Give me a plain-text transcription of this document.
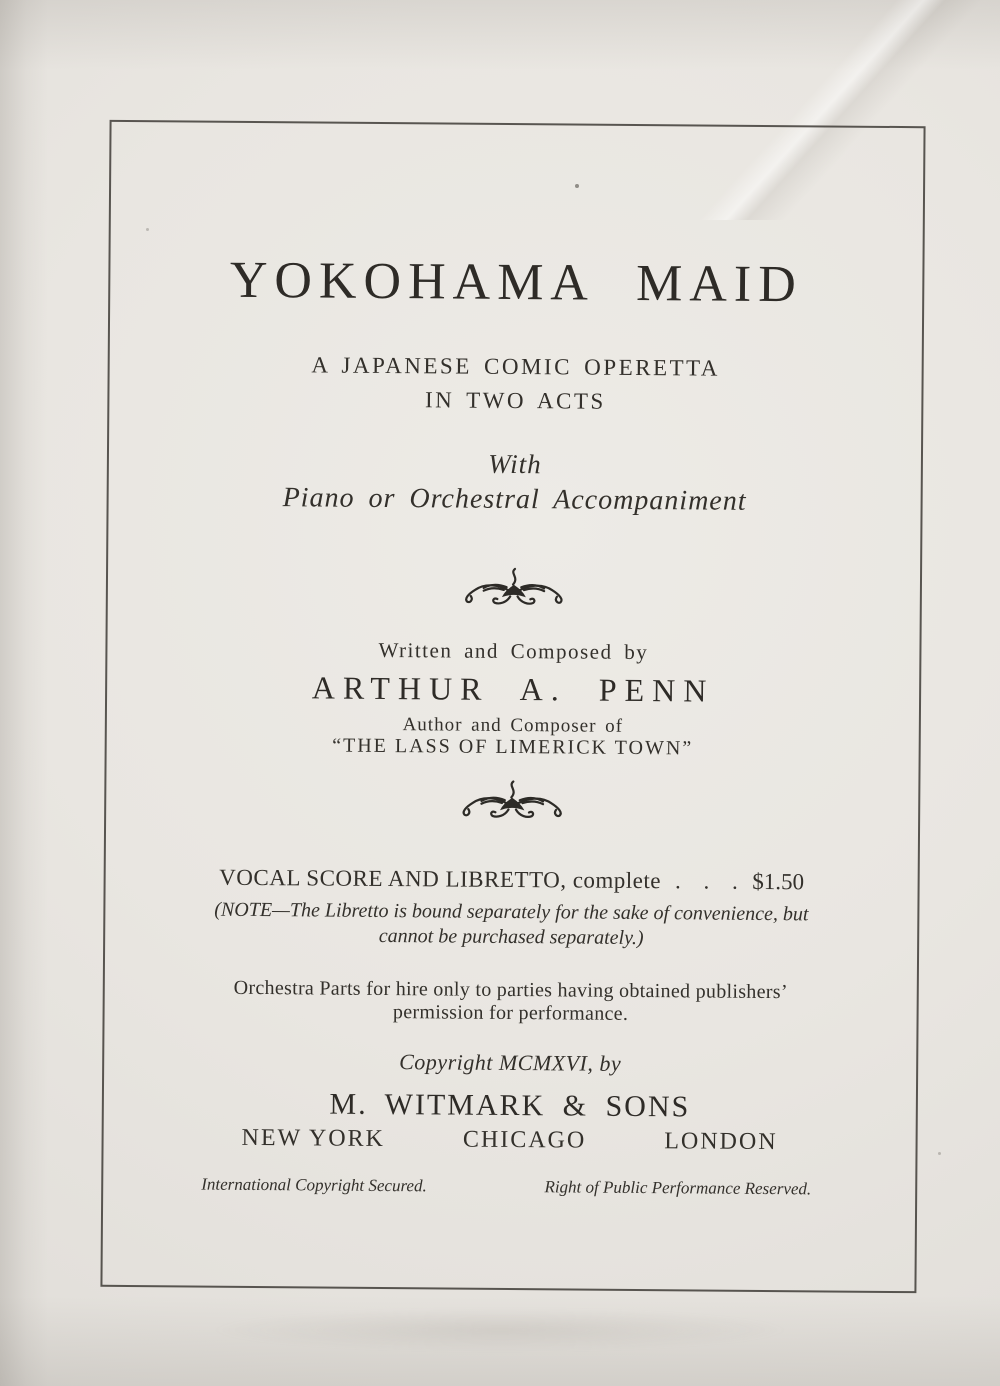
YOKOHAMA MAID
A JAPANESE COMIC OPERETTA
IN TWO ACTS
With
Piano or Orchestral Accompaniment
Written and Composed by
ARTHUR A. PENN
Author and Composer of
“THE LASS OF LIMERICK TOWN”
VOCAL SCORE AND LIBRETTO, complete . . . $1.50
(NOTE—The Libretto is bound separately for the sake of convenience, but
cannot be purchased separately.)
Orchestra Parts for hire only to parties having obtained publishers’
permission for performance.
Copyright MCMXVI, by
M. WITMARK & SONS
NEW YORK	CHICAGO	LONDON
International Copyright Secured.	Right of Public Performance Reserved.
